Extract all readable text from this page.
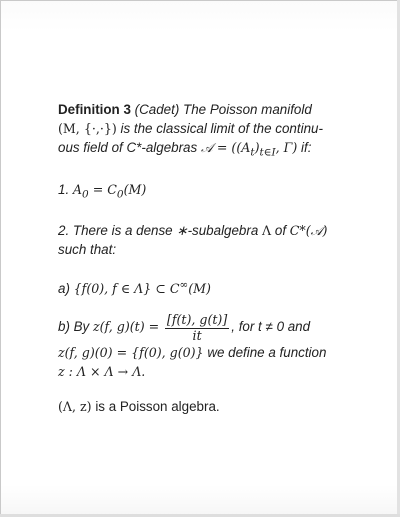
Definition 3 (Cadet) The Poisson manifold
(M, {·,·}) is the classical limit of the continu-
ous field of C*-algebras 𝒜 = ($(A_t)_{t\in I}$, Γ) if:

1. $A_0 = C_0(M)$

2. There is a dense ∗-subalgebra Λ of C*(𝒜)
such that:

a) {f(0), f ∈ Λ} ⊂ C∞(M)

b) By z(f, $g)(t) = \frac{[f(t), g(t)]}{it}$ , for t ≠ 0 and
z(f, g)(0) = {f(0), g(0)} we define a function
z : Λ × Λ → Λ.

(Λ, z) is a Poisson algebra.
